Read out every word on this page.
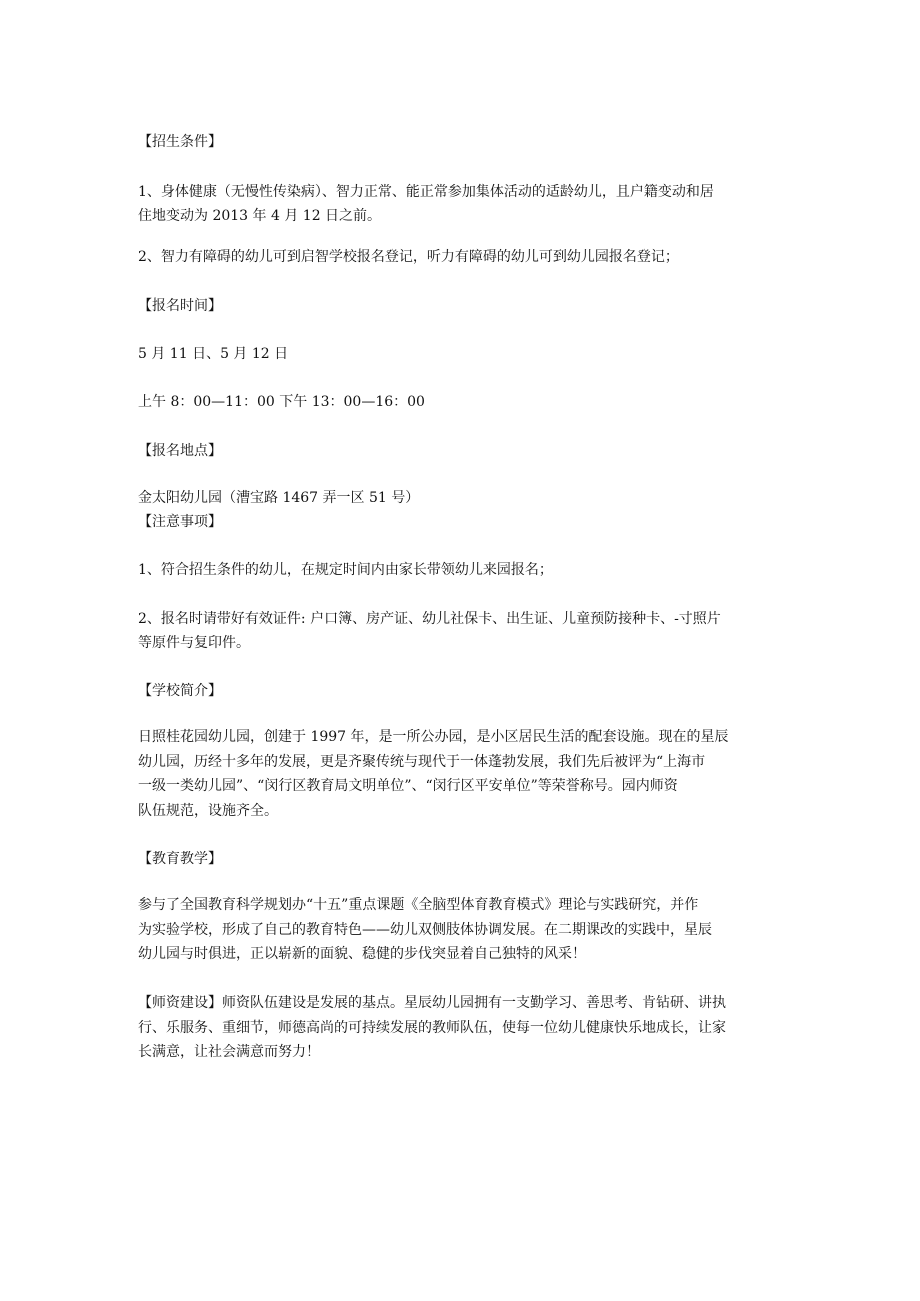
【招生条件】

1、身体健康（无慢性传染病）、智力正常、能正常参加集体活动的适龄幼儿，且户籍变动和居

住地变动为 2013 年 4 月 12 日之前。

2、智力有障碍的幼儿可到启智学校报名登记，听力有障碍的幼儿可到幼儿园报名登记；

【报名时间】

5 月 11 日、5 月 12 日

上午 8：00—11：00 下午 13：00—16：00

【报名地点】

金太阳幼儿园（漕宝路 1467 弄一区 51 号）

【注意事项】

1、符合招生条件的幼儿，在规定时间内由家长带领幼儿来园报名；

2、报名时请带好有效证件: 户口簿、房产证、幼儿社保卡、出生证、儿童预防接种卡、-寸照片

等原件与复印件。

【学校简介】

日照桂花园幼儿园，创建于 1997 年，是一所公办园，是小区居民生活的配套设施。现在的星辰
幼儿园，历经十多年的发展，更是齐聚传统与现代于一体蓬勃发展，我们先后被评为“上海市
一级一类幼儿园”、“闵行区教育局文明单位”、“闵行区平安单位”等荣誉称号。园内师资
队伍规范，设施齐全。

【教育教学】

参与了全国教育科学规划办“十五”重点课题《全脑型体育教育模式》理论与实践研究，并作
为实验学校，形成了自己的教育特色——幼儿双侧肢体协调发展。在二期课改的实践中，星辰
幼儿园与时俱进，正以崭新的面貌、稳健的步伐突显着自己独特的风采！

【师资建设】师资队伍建设是发展的基点。星辰幼儿园拥有一支勤学习、善思考、肯钻研、讲执
行、乐服务、重细节，师德高尚的可持续发展的教师队伍，使每一位幼儿健康快乐地成长，让家
长满意，让社会满意而努力！
